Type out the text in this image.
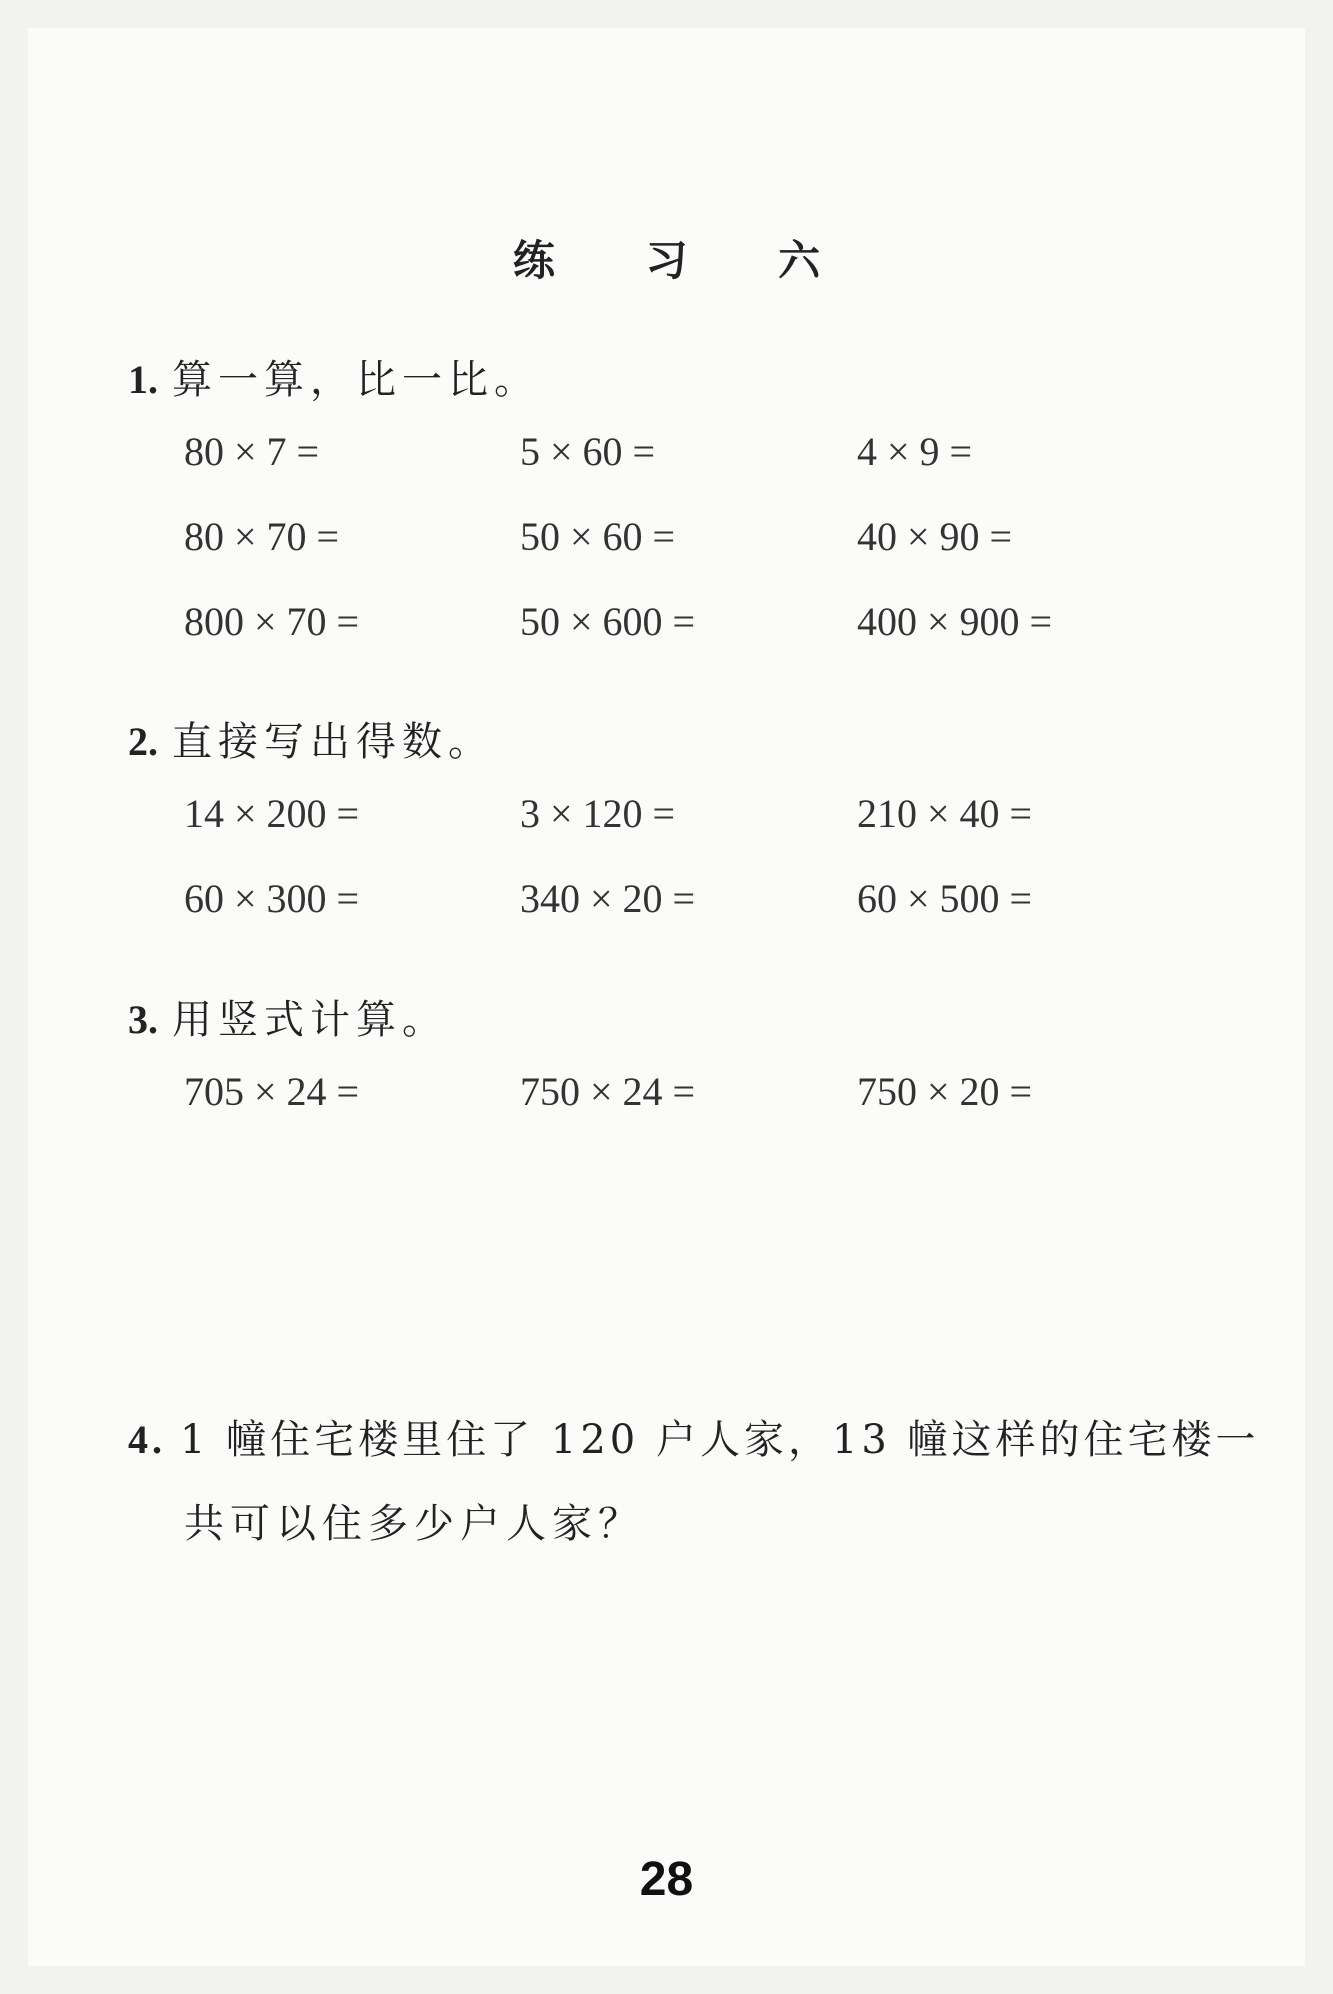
练 习 六
1. 算一算，比一比。
80 × 7 =	5 × 60 =	4 × 9 =
80 × 70 =	50 × 60 =	40 × 90 =
800 × 70 =	50 × 600 =	400 × 900 =
2. 直接写出得数。
14 × 200 =	3 × 120 =	210 × 40 =
60 × 300 =	340 × 20 =	60 × 500 =
3. 用竖式计算。
705 × 24 =	750 × 24 =	750 × 20 =
4. 1 幢住宅楼里住了 120 户人家，13 幢这样的住宅楼一
共可以住多少户人家？
28
